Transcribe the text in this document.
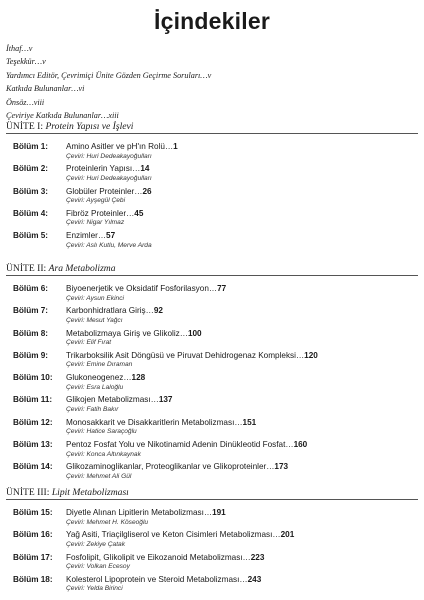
İçindekiler
İthaf…v
Teşekkür…v
Yardımcı Editör, Çevrimiçi Ünite Gözden Geçirme Soruları…v
Katkıda Bulunanlar…vi
Önsöz…viii
Çeviriye Katkıda Bulunanlar…xiii
ÜNİTE I: Protein Yapısı ve İşlevi
Bölüm 1: Amino Asitler ve pH'ın Rolü…1
Çeviri: Huri Dedeakayoğulları
Bölüm 2: Proteinlerin Yapısı…14
Çeviri: Huri Dedeakayoğulları
Bölüm 3: Globüler Proteinler…26
Çeviri: Ayşegül Çebi
Bölüm 4: Fibröz Proteinler…45
Çeviri: Nigar Yılmaz
Bölüm 5: Enzimler…57
Çeviri: Aslı Kutlu, Merve Arda
ÜNİTE II: Ara Metabolizma
Bölüm 6: Biyoenerjetik ve Oksidatif Fosforilasyon…77
Çeviri: Aysun Ekinci
Bölüm 7: Karbonhidratlara Giriş…92
Çeviri: Mesut Yağcı
Bölüm 8: Metabolizmaya Giriş ve Glikoliz…100
Çeviri: Elif Fırat
Bölüm 9: Trikarboksilik Asit Döngüsü ve Piruvat Dehidrogenaz Kompleksi…120
Çeviri: Emine Dıraman
Bölüm 10: Glukoneogenez…128
Çeviri: Esra Laloğlu
Bölüm 11: Glikojen Metabolizması…137
Çeviri: Fatih Bakır
Bölüm 12: Monosakkarit ve Disakkaritlerin Metabolizması…151
Çeviri: Hatice Saraçoğlu
Bölüm 13: Pentoz Fosfat Yolu ve Nikotinamid Adenin Dinükleotid Fosfat…160
Çeviri: Konca Altınkaynak
Bölüm 14: Glikozaminoglikanlar, Proteoglikanlar ve Glikoproteinler…173
Çeviri: Mehmet Ali Gül
ÜNİTE III: Lipit Metabolizması
Bölüm 15: Diyetle Alınan Lipitlerin Metabolizması…191
Çeviri: Mehmet H. Köseoğlu
Bölüm 16: Yağ Asiti, Triaçilgliserol ve Keton Cisimleri Metabolizması…201
Çeviri: Zekiye Çatak
Bölüm 17: Fosfolipit, Glikolipit ve Eikozanoid Metabolizması…223
Çeviri: Volkan Ecesoy
Bölüm 18: Kolesterol Lipoprotein ve Steroid Metabolizması…243
Çeviri: Yelda Birinci
